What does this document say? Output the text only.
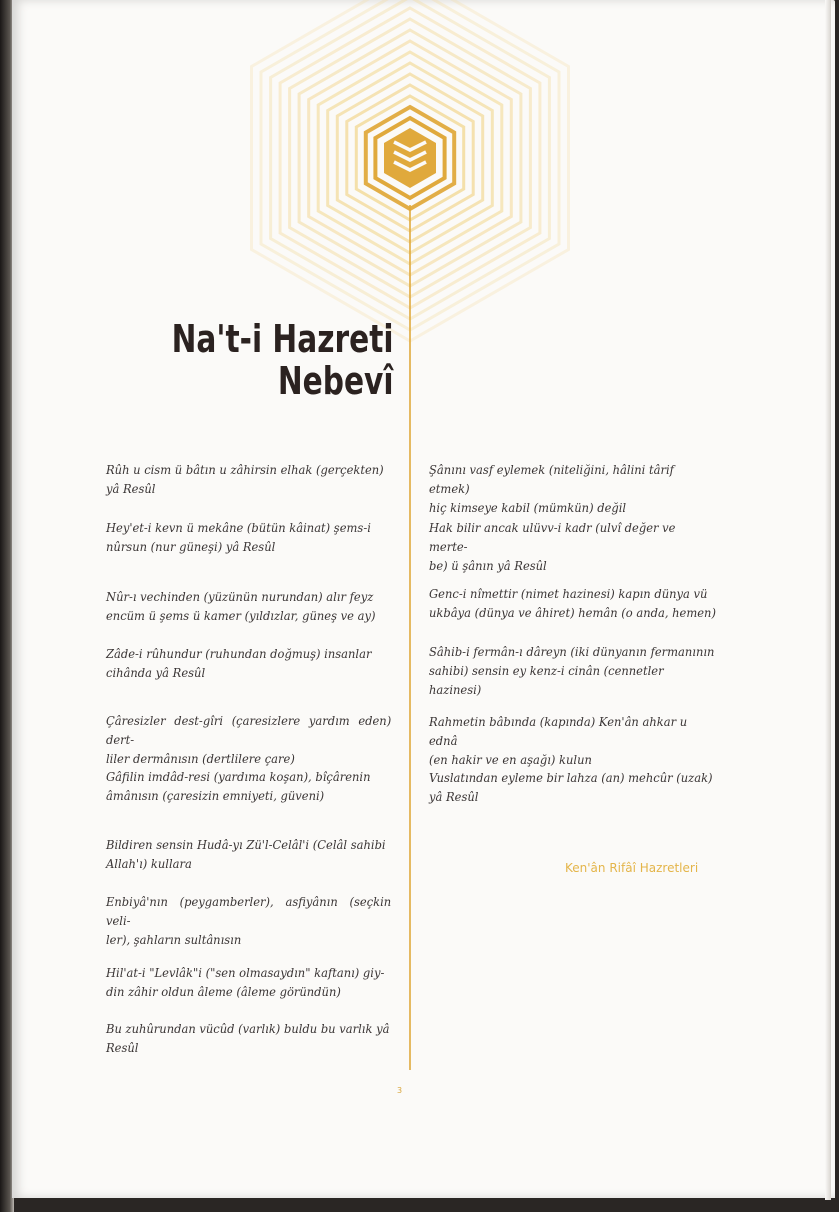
Na't-i Hazreti
Nebevî

Rûh u cism ü bâtın u zâhirsin elhak (gerçekten)

yâ Resûl

Hey'et-i kevn ü mekâne (bütün kâinat) şems-i

nûrsun (nur güneşi) yâ Resûl

Nûr-ı vechinden (yüzünün nurundan) alır feyz

encüm ü şems ü kamer (yıldızlar, güneş ve ay)

Zâde-i rûhundur (ruhundan doğmuş) insanlar

cihânda yâ Resûl

Çâresizler dest-gîri (çaresizlere yardım eden) dert-

liler dermânısın (dertlilere çare)

Gâfilin imdâd-resi (yardıma koşan), bîçârenin

âmânısın (çaresizin emniyeti, güveni)

Bildiren sensin Hudâ-yı Zü'l-Celâl'i (Celâl sahibi

Allah'ı) kullara

Enbiyâ'nın (peygamberler), asfiyânın (seçkin veli-

ler), şahların sultânısın

Hil'at-i "Levlâk"i ("sen olmasaydın" kaftanı) giy-

din zâhir oldun âleme (âleme göründün)

Bu zuhûrundan vücûd (varlık) buldu bu varlık yâ

Resûl

Şânını vasf eylemek (niteliğini, hâlini târif etmek)

hiç kimseye kabil (mümkün) değil

Hak bilir ancak ulüvv-i kadr (ulvî değer ve merte-

be) ü şânın yâ Resûl

Genc-i nîmettir (nimet hazinesi) kapın dünya vü

ukbâya (dünya ve âhiret) hemân (o anda, hemen)

Sâhib-i fermân-ı dâreyn (iki dünyanın fermanının

sahibi) sensin ey kenz-i cinân (cennetler hazinesi)

Rahmetin bâbında (kapında) Ken'ân ahkar u ednâ

(en hakir ve en aşağı) kulun

Vuslatından eyleme bir lahza (an) mehcûr (uzak)

yâ Resûl

Ken'ân Rifâî Hazretleri
3
